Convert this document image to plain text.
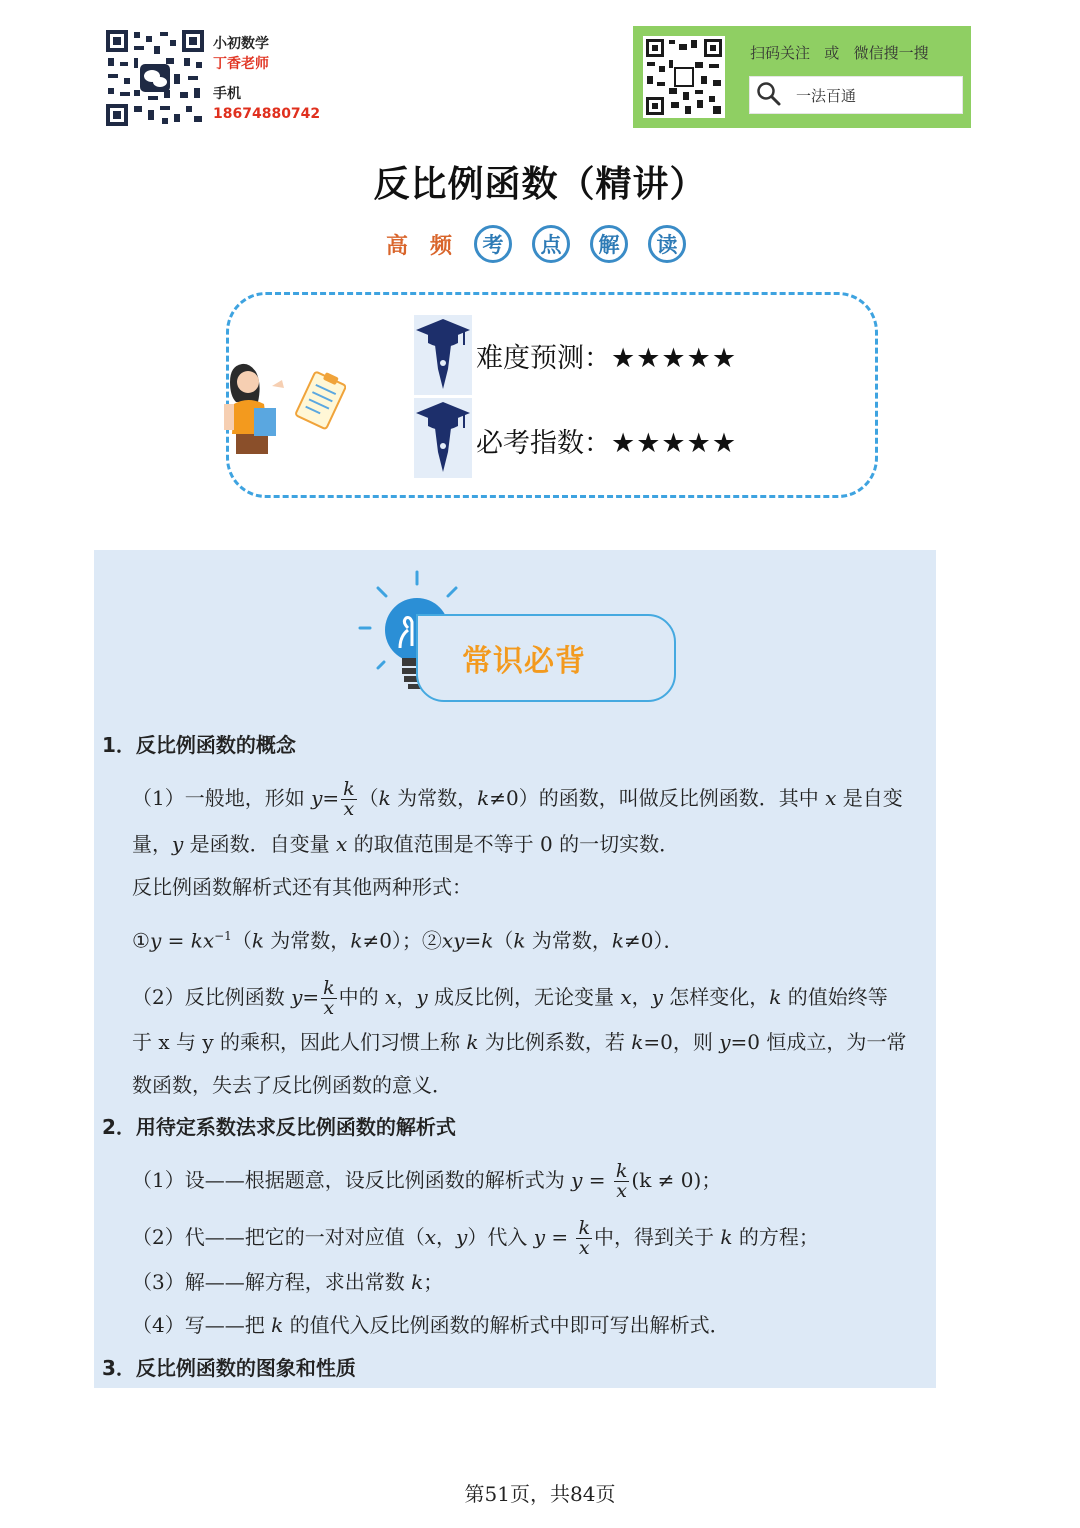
小初数学
丁香老师
手机
18674880742
扫码关注   或   微信搜一搜
一法百通
反比例函数（精讲）
高 频	考	点	解	读
难度预测：★★★★★
必考指数：★★★★★
常识必背
1．反比例函数的概念
（1）一般地，形如 $y= \frac{k}{x} (k$ 为常数，k≠0）的函数，叫做反比例函数．其中 x 是自变
量，y 是函数．自变量 x 的取值范围是不等于 0 的一切实数．
反比例函数解析式还有其他两种形式：
①y = $kx^{-1}(k$ 为常数，k≠0）；②xy=k（k 为常数，k≠0）．
（2）反比例函数 $y= \frac{k}{x}$ 中的 x，y 成反比例，无论变量 x，y 怎样变化，k 的值始终等
于 x 与 y 的乘积，因此人们习惯上称 k 为比例系数，若 k=0，则 y=0 恒成立，为一常
数函数，失去了反比例函数的意义．
2．用待定系数法求反比例函数的解析式
（1）设——根据题意，设反比例函数的解析式为 $y = \frac{k}{x} (k \ne 0)$；
（2）代——把它的一对对应值（x，y）代入 $y = \frac{k}{x}$ 中，得到关于 k 的方程；
（3）解——解方程，求出常数 k；
（4）写——把 k 的值代入反比例函数的解析式中即可写出解析式．
3．反比例函数的图象和性质
第51页，共84页
